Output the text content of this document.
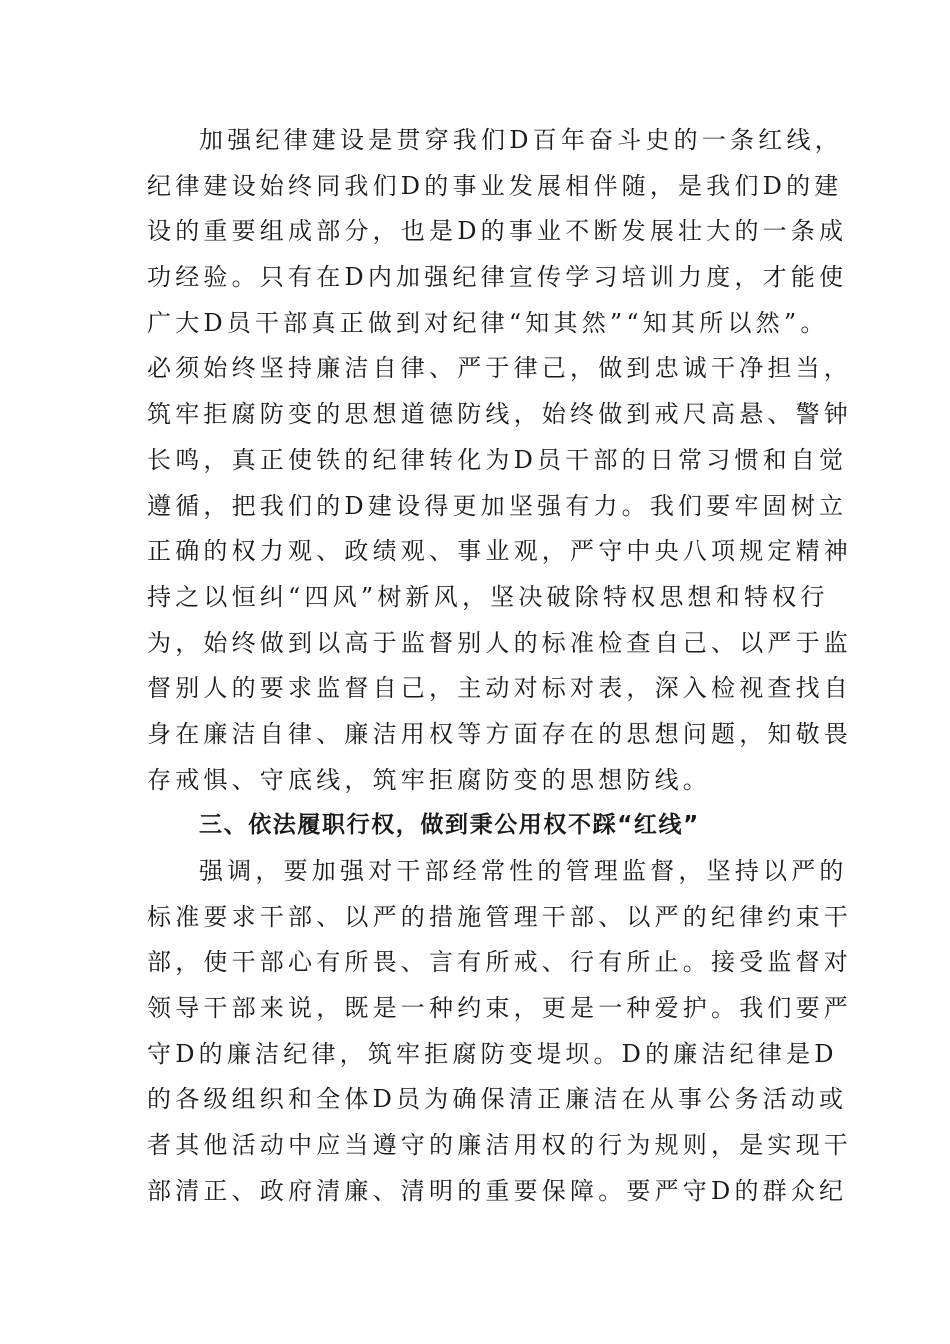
加强纪律建设是贯穿我们D百年奋斗史的一条红线，
纪律建设始终同我们D的事业发展相伴随，是我们D的建
设的重要组成部分，也是D的事业不断发展壮大的一条成
功经验。只有在D内加强纪律宣传学习培训力度，才能使
广大D员干部真正做到对纪律“知其然”“知其所以然”。
必须始终坚持廉洁自律、严于律己，做到忠诚干净担当，
筑牢拒腐防变的思想道德防线，始终做到戒尺高悬、警钟
长鸣，真正使铁的纪律转化为D员干部的日常习惯和自觉
遵循，把我们的D建设得更加坚强有力。我们要牢固树立
正确的权力观、政绩观、事业观，严守中央八项规定精神
持之以恒纠“四风”树新风，坚决破除特权思想和特权行
为，始终做到以高于监督别人的标准检查自己、以严于监
督别人的要求监督自己，主动对标对表，深入检视查找自
身在廉洁自律、廉洁用权等方面存在的思想问题，知敬畏
存戒惧、守底线，筑牢拒腐防变的思想防线。
三、依法履职行权，做到秉公用权不踩“红线”
强调，要加强对干部经常性的管理监督，坚持以严的
标准要求干部、以严的措施管理干部、以严的纪律约束干
部，使干部心有所畏、言有所戒、行有所止。接受监督对
领导干部来说，既是一种约束，更是一种爱护。我们要严
守D的廉洁纪律，筑牢拒腐防变堤坝。D的廉洁纪律是D
的各级组织和全体D员为确保清正廉洁在从事公务活动或
者其他活动中应当遵守的廉洁用权的行为规则，是实现干
部清正、政府清廉、清明的重要保障。要严守D的群众纪
